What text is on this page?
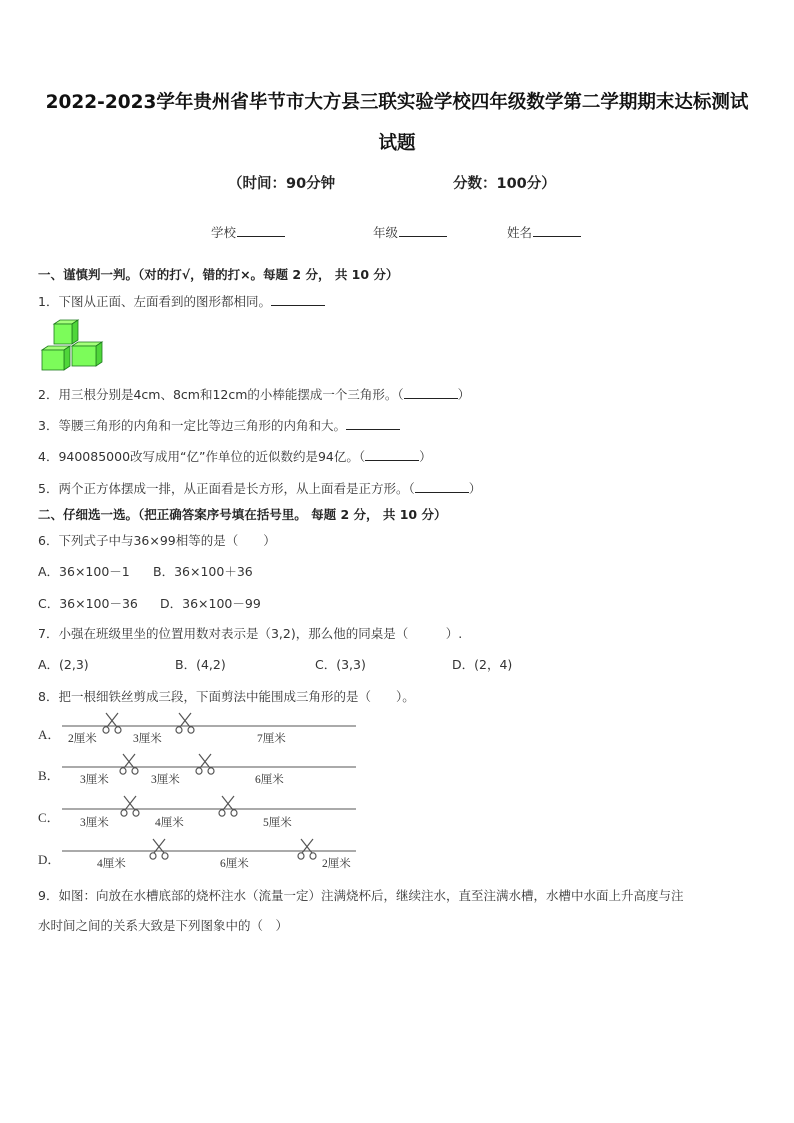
2022-2023学年贵州省毕节市大方县三联实验学校四年级数学第二学期期末达标测试
试题
（时间：90分钟	分数：100分）
学校	年级	姓名
一、谨慎判一判。（对的打√，错的打×。每题 2 分， 共 10 分）
1．下图从正面、左面看到的图形都相同。
2．用三根分别是4cm、8cm和12cm的小棒能摆成一个三角形。（	）
3．等腰三角形的内角和一定比等边三角形的内角和大。
4．940085000改写成用“亿”作单位的近似数约是94亿。（	）
5．两个正方体摆成一排，从正面看是长方形，从上面看是正方形。（	）
二、仔细选一选。（把正确答案序号填在括号里。 每题 2 分， 共 10 分）
6．下列式子中与36×99相等的是（　　）
A．36×100－1 B．36×100＋36
C．36×100－36 D．36×100－99
7．小强在班级里坐的位置用数对表示是（3,2)，那么他的同桌是（　　　）.
A．(2,3)	B．(4,2)	C．(3,3)	D．(2，4)
8．把一根细铁丝剪成三段，下面剪法中能围成三角形的是（　　）。
A． 2厘米	3厘米	7厘米
B． 3厘米	3厘米	6厘米
C． 3厘米	4厘米	5厘米
D．	4厘米	6厘米	2厘米
9．如图：向放在水槽底部的烧杯注水（流量一定）注满烧杯后，继续注水，直至注满水槽，水槽中水面上升高度与注
水时间之间的关系大致是下列图象中的（　）
